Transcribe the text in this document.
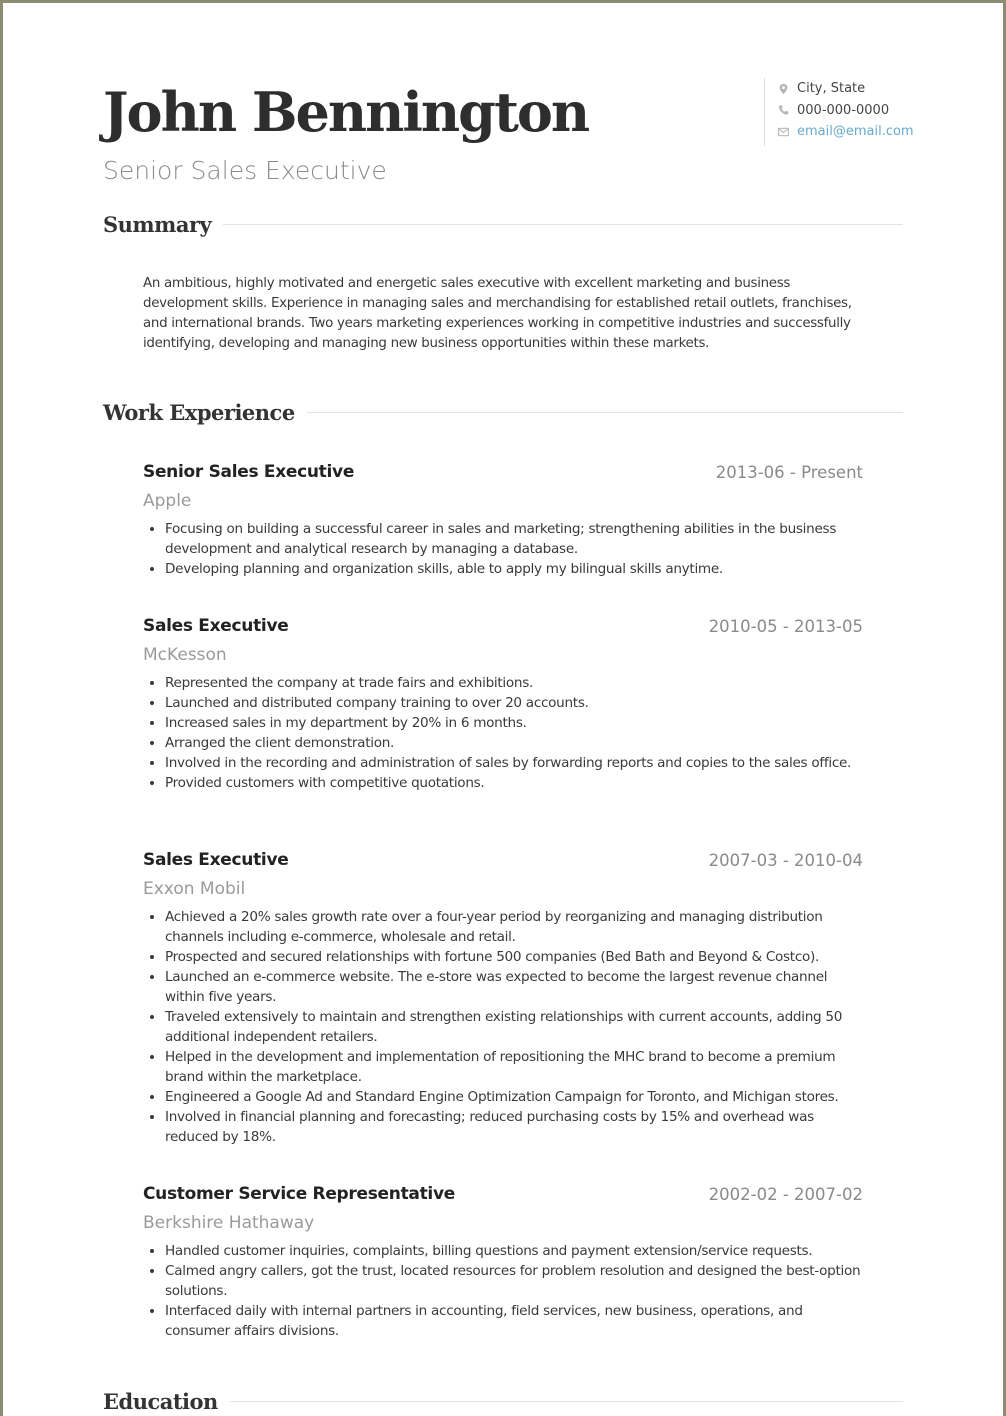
John Bennington
Senior Sales Executive
City, State
000-000-0000
email@email.com
Summary
An ambitious, highly motivated and energetic sales executive with excellent marketing and business development skills. Experience in managing sales and merchandising for established retail outlets, franchises, and international brands. Two years marketing experiences working in competitive industries and successfully identifying, developing and managing new business opportunities within these markets.
Work Experience
Senior Sales Executive	2013-06 - Present
Apple
• Focusing on building a successful career in sales and marketing; strengthening abilities in the business development and analytical research by managing a database.
• Developing planning and organization skills, able to apply my bilingual skills anytime.
Sales Executive	2010-05 - 2013-05
McKesson
• Represented the company at trade fairs and exhibitions.
• Launched and distributed company training to over 20 accounts.
• Increased sales in my department by 20% in 6 months.
• Arranged the client demonstration.
• Involved in the recording and administration of sales by forwarding reports and copies to the sales office.
• Provided customers with competitive quotations.
Sales Executive	2007-03 - 2010-04
Exxon Mobil
• Achieved a 20% sales growth rate over a four-year period by reorganizing and managing distribution channels including e-commerce, wholesale and retail.
• Prospected and secured relationships with fortune 500 companies (Bed Bath and Beyond & Costco).
• Launched an e-commerce website. The e-store was expected to become the largest revenue channel within five years.
• Traveled extensively to maintain and strengthen existing relationships with current accounts, adding 50 additional independent retailers.
• Helped in the development and implementation of repositioning the MHC brand to become a premium brand within the marketplace.
• Engineered a Google Ad and Standard Engine Optimization Campaign for Toronto, and Michigan stores.
• Involved in financial planning and forecasting; reduced purchasing costs by 15% and overhead was reduced by 18%.
Customer Service Representative	2002-02 - 2007-02
Berkshire Hathaway
• Handled customer inquiries, complaints, billing questions and payment extension/service requests.
• Calmed angry callers, got the trust, located resources for problem resolution and designed the best-option solutions.
• Interfaced daily with internal partners in accounting, field services, new business, operations, and consumer affairs divisions.
Education
